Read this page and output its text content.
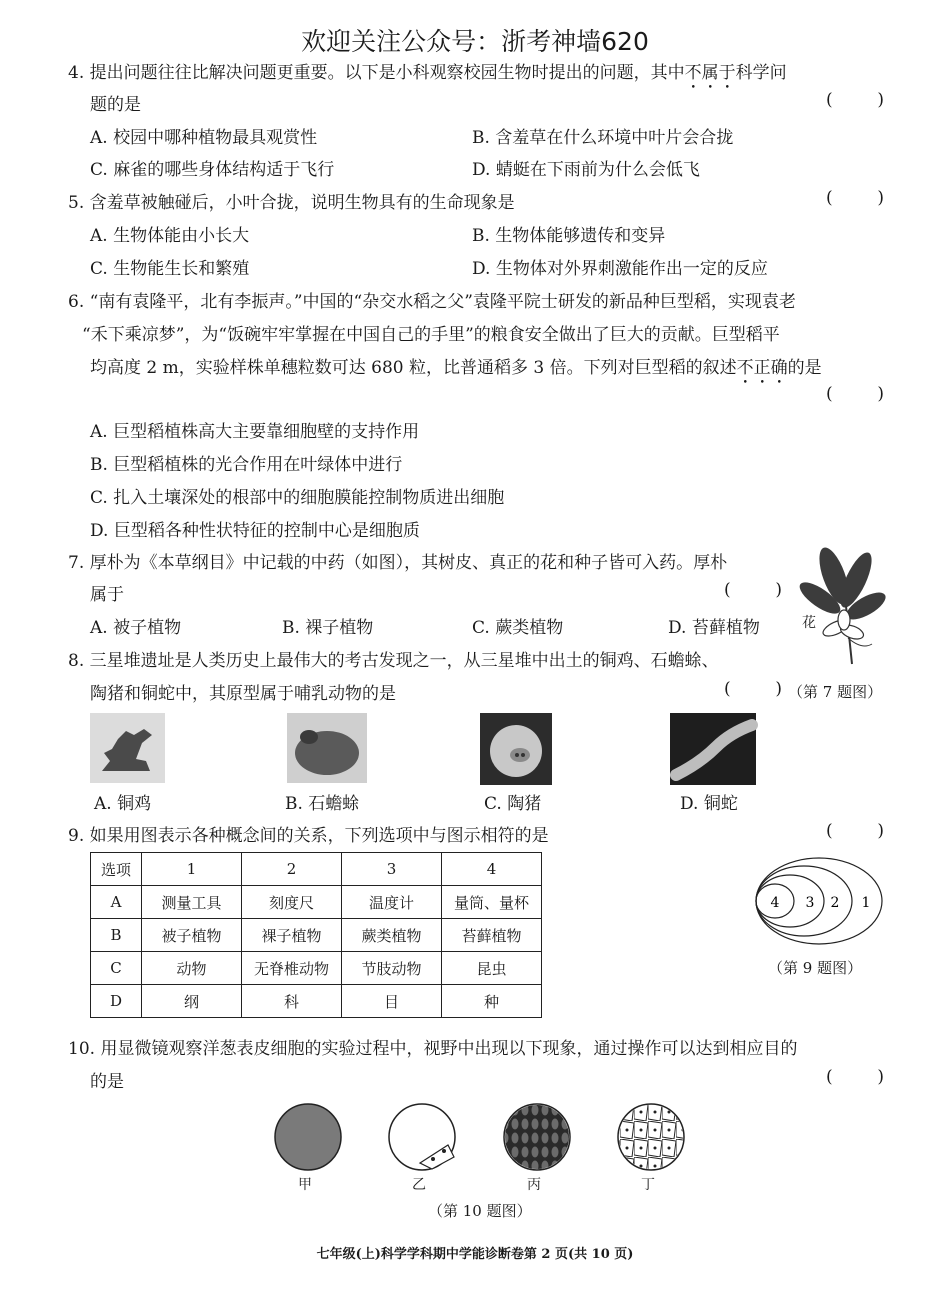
欢迎关注公众号：浙考神墙620
4. 提出问题往往比解决问题更重要。以下是小科观察校园生物时提出的问题，其中不属于科学问
题的是
A. 校园中哪种植物最具观赏性	B. 含羞草在什么环境中叶片会合拢
C. 麻雀的哪些身体结构适于飞行	D. 蜻蜓在下雨前为什么会低飞
5. 含羞草被触碰后，小叶合拢，说明生物具有的生命现象是
A. 生物体能由小长大	B. 生物体能够遗传和变异
C. 生物能生长和繁殖	D. 生物体对外界刺激能作出一定的反应
6. “南有袁隆平，北有李振声。”中国的“杂交水稻之父”袁隆平院士研发的新品种巨型稻，实现袁老
“禾下乘凉梦”，为“饭碗牢牢掌握在中国自己的手里”的粮食安全做出了巨大的贡献。巨型稻平
均高度 2 m，实验样株单穗粒数可达 680 粒，比普通稻多 3 倍。下列对巨型稻的叙述不正确的是
A. 巨型稻植株高大主要靠细胞壁的支持作用
B. 巨型稻植株的光合作用在叶绿体中进行
C. 扎入土壤深处的根部中的细胞膜能控制物质进出细胞
D. 巨型稻各种性状特征的控制中心是细胞质
7. 厚朴为《本草纲目》中记载的中药（如图），其树皮、真正的花和种子皆可入药。厚朴
属于
A. 被子植物	B. 裸子植物	C. 蕨类植物	D. 苔藓植物	花
8. 三星堆遗址是人类历史上最伟大的考古发现之一，从三星堆中出土的铜鸡、石蟾蜍、
陶猪和铜蛇中，其原型属于哺乳动物的是	（第 7 题图）
A. 铜鸡	B. 石蟾蜍	C. 陶猪	D. 铜蛇
9. 如果用图表示各种概念间的关系，下列选项中与图示相符的是
选项	1	2	3	4
A	测量工具	刻度尺	温度计	量筒、量杯
B	被子植物	裸子植物	蕨类植物	苔藓植物
C	动物	无脊椎动物	节肢动物	昆虫
D	纲	科	目	种
4 3 2 1
（第 9 题图）
10. 用显微镜观察洋葱表皮细胞的实验过程中，视野中出现以下现象，通过操作可以达到相应目的
的是
甲	乙	丙	丁
（第 10 题图）
七年级(上)科学学科期中学能诊断卷第 2 页(共 10 页)
